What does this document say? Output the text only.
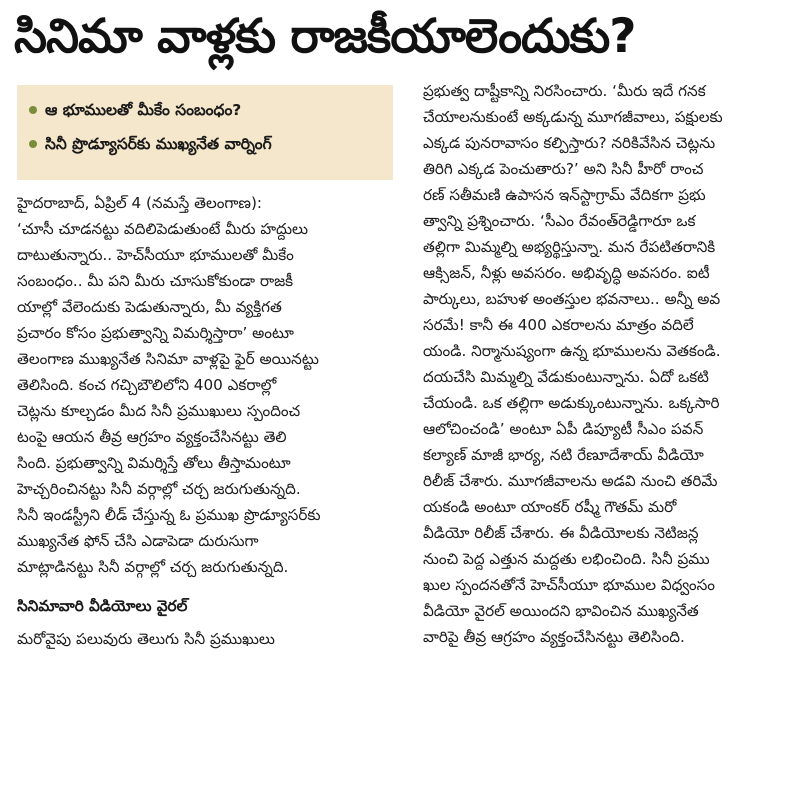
సినిమా వాళ్లకు రాజకీయాలెందుకు?
ఆ భూములతో మీకేం సంబంధం?
సినీ ప్రొడ్యూసర్‌కు ముఖ్యనేత వార్నింగ్
హైదరాబాద్, ఏప్రిల్ 4 (నమస్తే తెలంగాణ):
‘చూసీ చూడనట్టు వదిలిపెడుతుంటే మీరు హద్దులు
దాటుతున్నారు.. హెచ్‌సీయూ భూములతో మీకేం
సంబంధం.. మీ పని మీరు చూసుకోకుండా రాజకీ
యాల్లో వేలెందుకు పెడుతున్నారు, మీ వ్యక్తిగత
ప్రచారం కోసం ప్రభుత్వాన్ని విమర్శిస్తారా’ అంటూ
తెలంగాణ ముఖ్యనేత సినిమా వాళ్లపై ఫైర్ అయినట్టు
తెలిసింది. కంచ గచ్చిబౌలిలోని 400 ఎకరాల్లో
చెట్లను కూల్చడం మీద సినీ ప్రముఖులు స్పందించ
టంపై ఆయన తీవ్ర ఆగ్రహం వ్యక్తంచేసినట్టు తెలి
సింది. ప్రభుత్వాన్ని విమర్శిస్తే తోలు తీస్తామంటూ
హెచ్చరించినట్టు సినీ వర్గాల్లో చర్చ జరుగుతున్నది.
సినీ ఇండస్ట్రీని లీడ్ చేస్తున్న ఓ ప్రముఖ ప్రొడ్యూసర్‌కు
ముఖ్యనేత ఫోన్ చేసి ఎడాపెడా దురుసుగా
మాట్లాడినట్టు సినీ వర్గాల్లో చర్చ జరుగుతున్నది.
సినిమావారి వీడియోలు వైరల్
మరోవైపు పలువురు తెలుగు సినీ ప్రముఖులు
ప్రభుత్వ దాష్టీకాన్ని నిరసించారు. ‘మీరు ఇదే గనక
చేయాలనుకుంటే అక్కడున్న మూగజీవాలు, పక్షులకు
ఎక్కడ పునరావాసం కల్పిస్తారు? నరికివేసిన చెట్లను
తిరిగి ఎక్కడ పెంచుతారు?’ అని సినీ హీరో రాంచ
రణ్ సతీమణి ఉపాసన ఇన్‌స్టాగ్రామ్ వేదికగా ప్రభు
త్వాన్ని ప్రశ్నించారు. ‘సీఎం రేవంత్‌రెడ్డిగారూ ఒక
తల్లిగా మిమ్మల్ని అభ్యర్థిస్తున్నా. మన రేపటితరానికి
ఆక్సిజన్, నీళ్లు అవసరం. అభివృద్ధి అవసరం. ఐటీ
పార్కులు, బహుళ అంతస్తుల భవనాలు.. అన్నీ అవ
సరమే! కానీ ఈ 400 ఎకరాలను మాత్రం వదిలే
యండి. నిర్మానుష్యంగా ఉన్న భూములను వెతకండి.
దయచేసి మిమ్మల్ని వేడుకుంటున్నాను. ఏదో ఒకటి
చేయండి. ఒక తల్లిగా అడుక్కుంటున్నాను. ఒక్కసారి
ఆలోచించండి’ అంటూ ఏపీ డిప్యూటీ సీఎం పవన్
కల్యాణ్ మాజీ భార్య, నటి రేణూదేశాయ్ వీడియో
రిలీజ్ చేశారు. మూగజీవాలను అడవి నుంచి తరిమే
యకండి అంటూ యాంకర్ రష్మీ గౌతమ్ మరో
వీడియో రిలీజ్ చేశారు. ఈ వీడియోలకు నెటిజన్ల
నుంచి పెద్ద ఎత్తున మద్దతు లభించింది. సినీ ప్రము
ఖుల స్పందనతోనే హెచ్‌సీయూ భూముల విధ్వంసం
వీడియో వైరల్ అయిందని భావించిన ముఖ్యనేత
వారిపై తీవ్ర ఆగ్రహం వ్యక్తంచేసినట్టు తెలిసింది.
